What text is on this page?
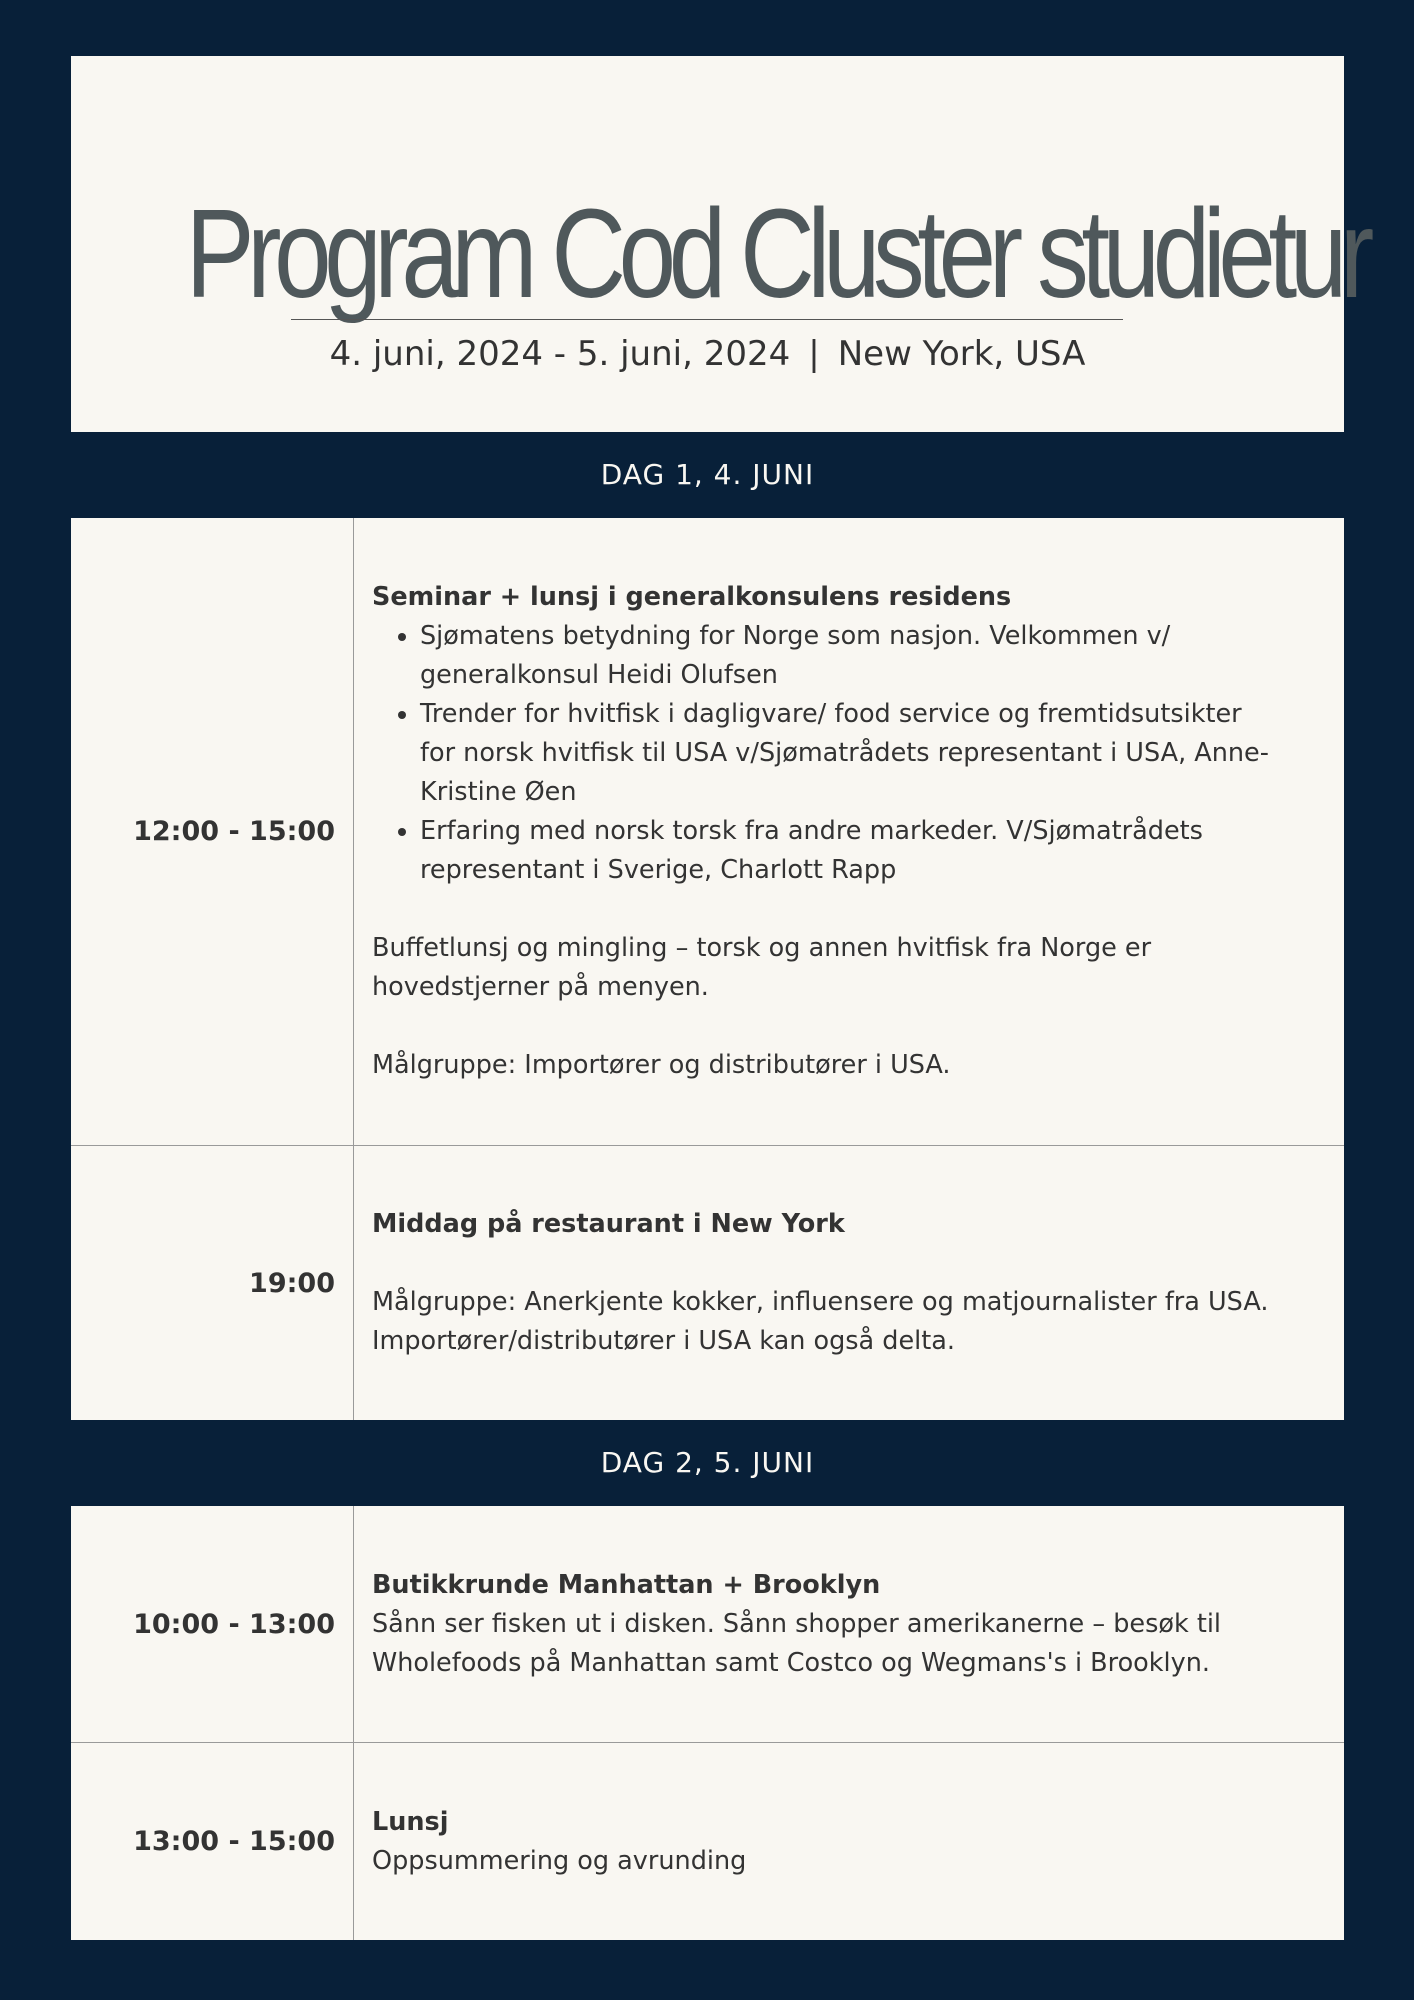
Program Cod Cluster studietur
4. juni, 2024 - 5. juni, 2024 | New York, USA
DAG 1, 4. JUNI
12:00 - 15:00
Seminar + lunsj i generalkonsulens residens
• Sjømatens betydning for Norge som nasjon. Velkommen v/ generalkonsul Heidi Olufsen
• Trender for hvitfisk i dagligvare/ food service og fremtidsutsikter for norsk hvitfisk til USA v/Sjømatrådets representant i USA, Anne-Kristine Øen
• Erfaring med norsk torsk fra andre markeder. V/Sjømatrådets representant i Sverige, Charlott Rapp

Buffetlunsj og mingling – torsk og annen hvitfisk fra Norge er hovedstjerner på menyen.

Målgruppe: Importører og distributører i USA.

19:00
Middag på restaurant i New York

Målgruppe: Anerkjente kokker, influensere og matjournalister fra USA. Importører/distributører i USA kan også delta.

DAG 2, 5. JUNI
10:00 - 13:00
Butikkrunde Manhattan + Brooklyn

Sånn ser fisken ut i disken. Sånn shopper amerikanerne – besøk til Wholefoods på Manhattan samt Costco og Wegmans's i Brooklyn.

13:00 - 15:00
Lunsj

Oppsummering og avrunding
